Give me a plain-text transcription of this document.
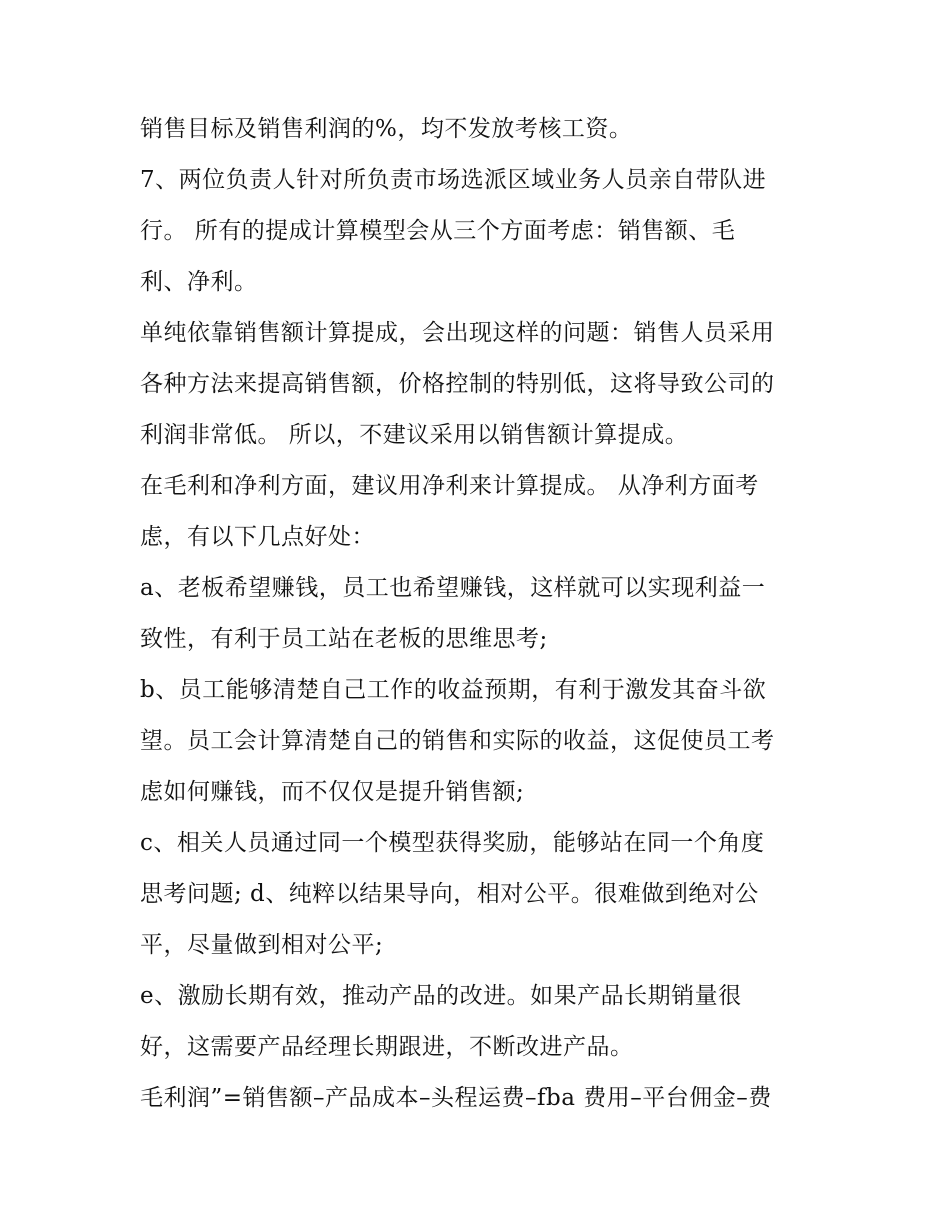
销售目标及销售利润的%，均不发放考核工资。
7、两位负责人针对所负责市场选派区域业务人员亲自带队进
行。 所有的提成计算模型会从三个方面考虑：销售额、毛
利、净利。
单纯依靠销售额计算提成，会出现这样的问题：销售人员采用
各种方法来提高销售额，价格控制的特别低，这将导致公司的
利润非常低。 所以，不建议采用以销售额计算提成。
在毛利和净利方面，建议用净利来计算提成。 从净利方面考
虑，有以下几点好处：
a、老板希望赚钱，员工也希望赚钱，这样就可以实现利益一
致性，有利于员工站在老板的思维思考;
b、员工能够清楚自己工作的收益预期，有利于激发其奋斗欲
望。员工会计算清楚自己的销售和实际的收益，这促使员工考
虑如何赚钱，而不仅仅是提升销售额;
c、相关人员通过同一个模型获得奖励，能够站在同一个角度
思考问题; d、纯粹以结果导向，相对公平。很难做到绝对公
平，尽量做到相对公平;
e、激励长期有效，推动产品的改进。如果产品长期销量很
好，这需要产品经理长期跟进，不断改进产品。
毛利润”=销售额–产品成本–头程运费–fba 费用–平台佣金–费
